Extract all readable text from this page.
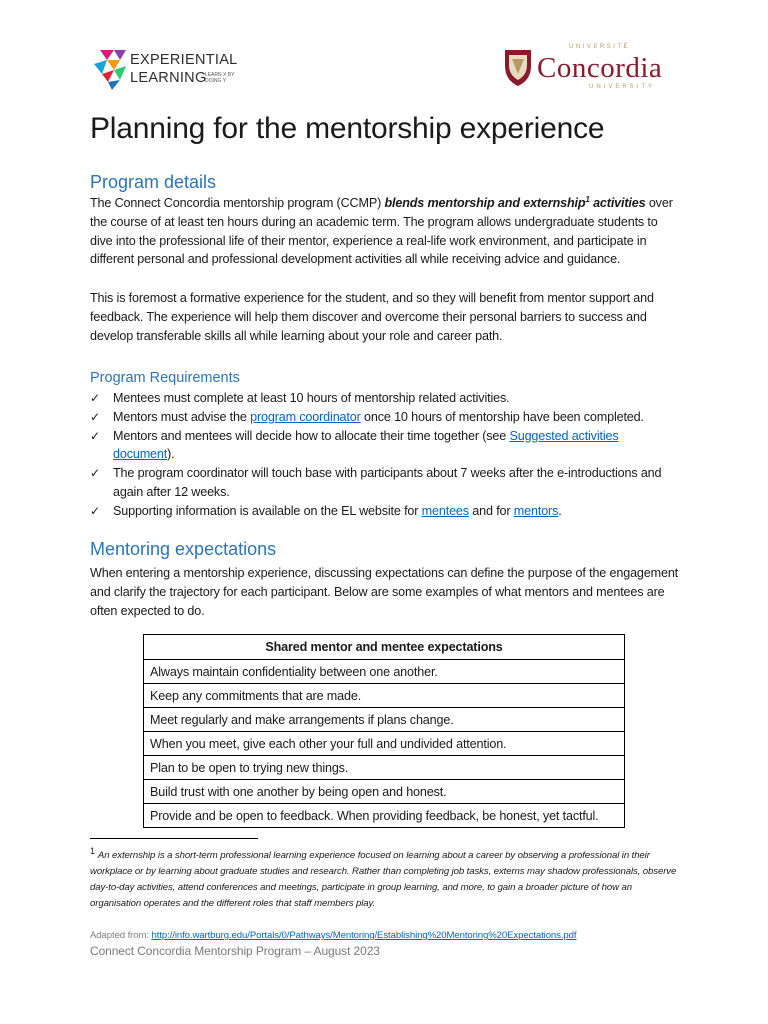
EXPERIENTIAL
LEARNING
LEARN X BY DOING Y
UNIVERSITÉ
Concordia
UNIVERSITY
Planning for the mentorship experience
Program details

The Connect Concordia mentorship program (CCMP) blends mentorship and externship$^1$ activities over the course of at least ten hours during an academic term. The program allows undergraduate students to dive into the professional life of their mentor, experience a real-life work environment, and participate in different personal and professional development activities all while receiving advice and guidance.

This is foremost a formative experience for the student, and so they will benefit from mentor support and feedback. The experience will help them discover and overcome their personal barriers to success and develop transferable skills all while learning about your role and career path.

Program Requirements
✓ Mentees must complete at least 10 hours of mentorship related activities.
✓ Mentors must advise the program coordinator once 10 hours of mentorship have been completed.
✓ Mentors and mentees will decide how to allocate their time together (see Suggested activities document).
✓ The program coordinator will touch base with participants about 7 weeks after the e-introductions and again after 12 weeks.
✓ Supporting information is available on the EL website for mentees and for mentors.
Mentoring expectations

When entering a mentorship experience, discussing expectations can define the purpose of the engagement and clarify the trajectory for each participant. Below are some examples of what mentors and mentees are often expected to do.

Shared mentor and mentee expectations
Always maintain confidentiality between one another.
Keep any commitments that are made.
Meet regularly and make arrangements if plans change.
When you meet, give each other your full and undivided attention.
Plan to be open to trying new things.
Build trust with one another by being open and honest.
Provide and be open to feedback. When providing feedback, be honest, yet tactful.

1 An externship is a short-term professional learning experience focused on learning about a career by observing a professional in their workplace or by learning about graduate studies and research. Rather than completing job tasks, externs may shadow professionals, observe day-to-day activities, attend conferences and meetings, participate in group learning, and more, to gain a broader picture of how an organisation operates and the different roles that staff members play.

Adapted from: http://info.wartburg.edu/Portals/0/Pathways/Mentoring/Establishing%20Mentoring%20Expectations.pdf

Connect Concordia Mentorship Program – August 2023
